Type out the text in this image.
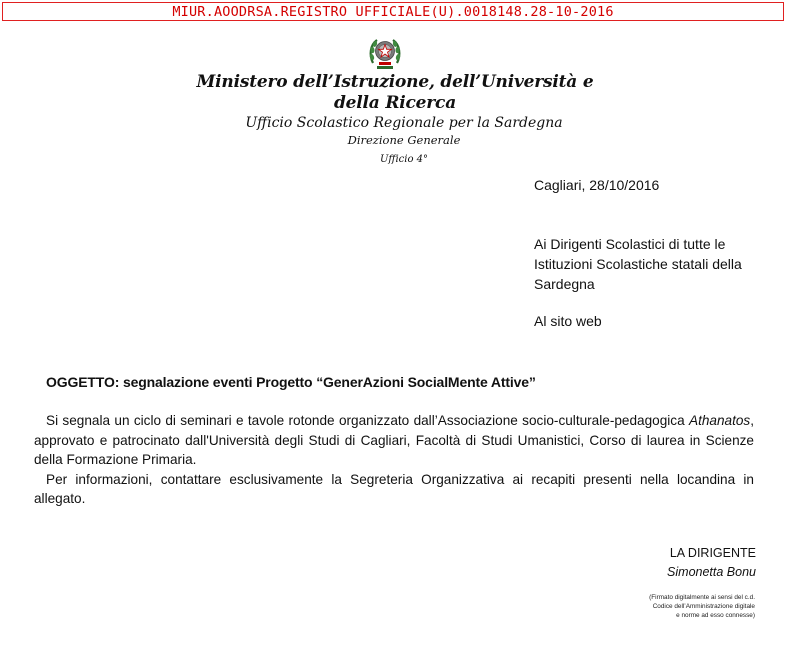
MIUR.AOODRSA.REGISTRO UFFICIALE(U).0018148.28-10-2016
Ministero dell’Istruzione, dell’Università e della Ricerca
Ufficio Scolastico Regionale per la Sardegna
Direzione Generale
Ufficio 4°
Cagliari, 28/10/2016
Ai Dirigenti Scolastici di tutte le
Istituzioni Scolastiche statali della
Sardegna
Al sito web
OGGETTO: segnalazione eventi Progetto “GenerAzioni SocialMente Attive”

Si segnala un ciclo di seminari e tavole rotonde organizzato dall’Associazione socio-culturale-pedagogica Athanatos, approvato e patrocinato dall'Università degli Studi di Cagliari, Facoltà di Studi Umanistici, Corso di laurea in Scienze della Formazione Primaria.

Per informazioni, contattare esclusivamente la Segreteria Organizzativa ai recapiti presenti nella locandina in allegato.

LA DIRIGENTE
Simonetta Bonu
(Firmato digitalmente ai sensi del c.d.
Codice dell’Amministrazione digitale
e norme ad esso connesse)
